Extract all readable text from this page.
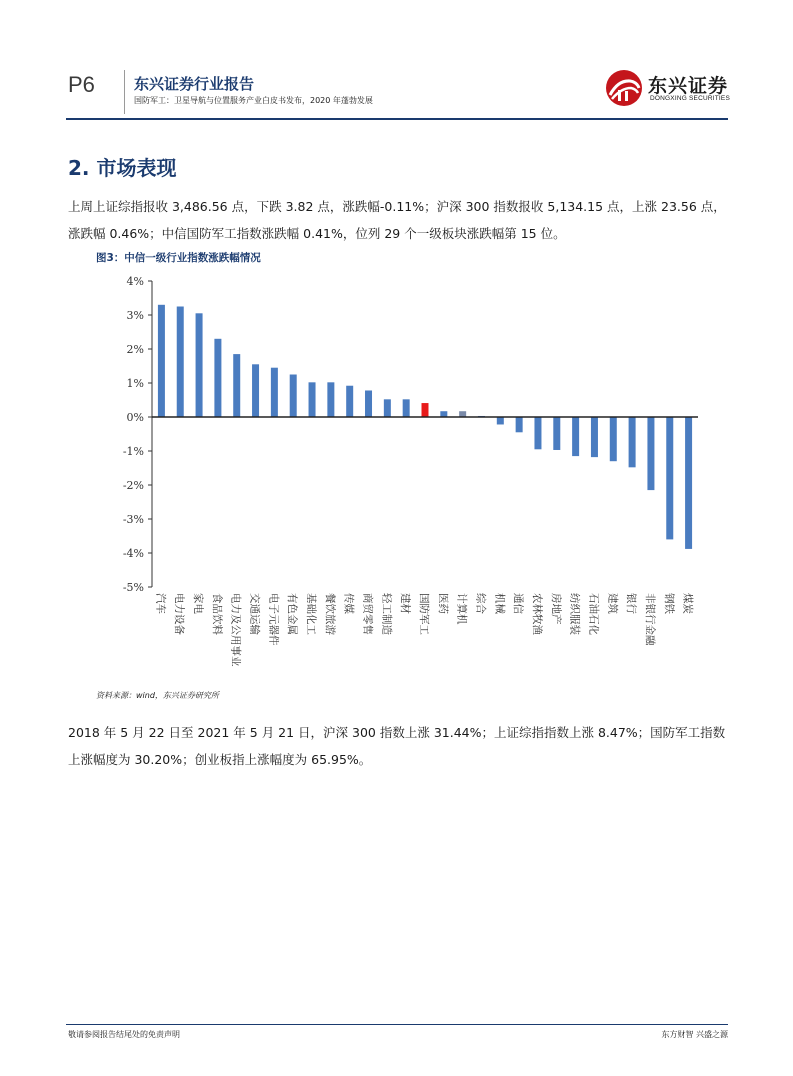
P6	东兴证券行业报告
国防军工：卫星导航与位置服务产业白皮书发布，2020 年蓬勃发展
东兴证券
DONGXING SECURITIES
2. 市场表现
上周上证综指报收 3,486.56 点，下跌 3.82 点，涨跌幅-0.11%；沪深 300 指数报收 5,134.15 点，上涨 23.56 点，涨跌幅 0.46%；中信国防军工指数涨跌幅 0.41%，位列 29 个一级板块涨跌幅第 15 位。
图3：中信一级行业指数涨跌幅情况
4%
3%
2%
1%
0%
-1%
-2%
-3%
-4%
-5%
汽车 电力设备 家电 食品饮料 电力及公用事业 交通运输 电子元器件 有色金属 基础化工 餐饮旅游 传媒 商贸零售 轻工制造 建材 国防军工 医药 计算机 综合 机械 通信 农林牧渔 房地产 纺织服装 石油石化 建筑 银行 非银行金融 钢铁 煤炭
资料来源：wind，东兴证券研究所
2018 年 5 月 22 日至 2021 年 5 月 21 日，沪深 300 指数上涨 31.44%；上证综指指数上涨 8.47%；国防军工指数上涨幅度为 30.20%；创业板指上涨幅度为 65.95%。
敬请参阅报告结尾处的免责声明	东方财智 兴盛之源
